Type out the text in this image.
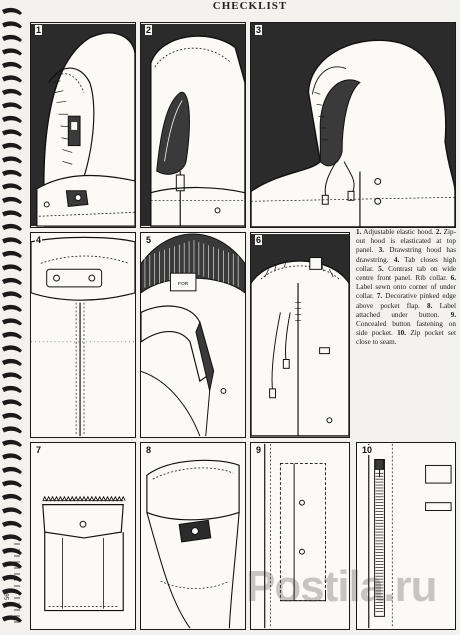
CHECKLIST
1	2	3
4	5
FOR
6
1. Adjustable elastic hood. 2. Zip-out hood is elasticated at top panel. 3. Drawstring hood has drawstring. 4. Tab closes high collar. 5. Contrast tab on wide centre front panel. Rib collar. 6. Label sewn onto corner of under collar. 7. Decorative pinked edge above pocket flap. 8. Label attached under button. 9. Concealed button fastening on side pocket. 10. Zip pocket set close to seam.
7	8	9	10
560	Postila.ru
